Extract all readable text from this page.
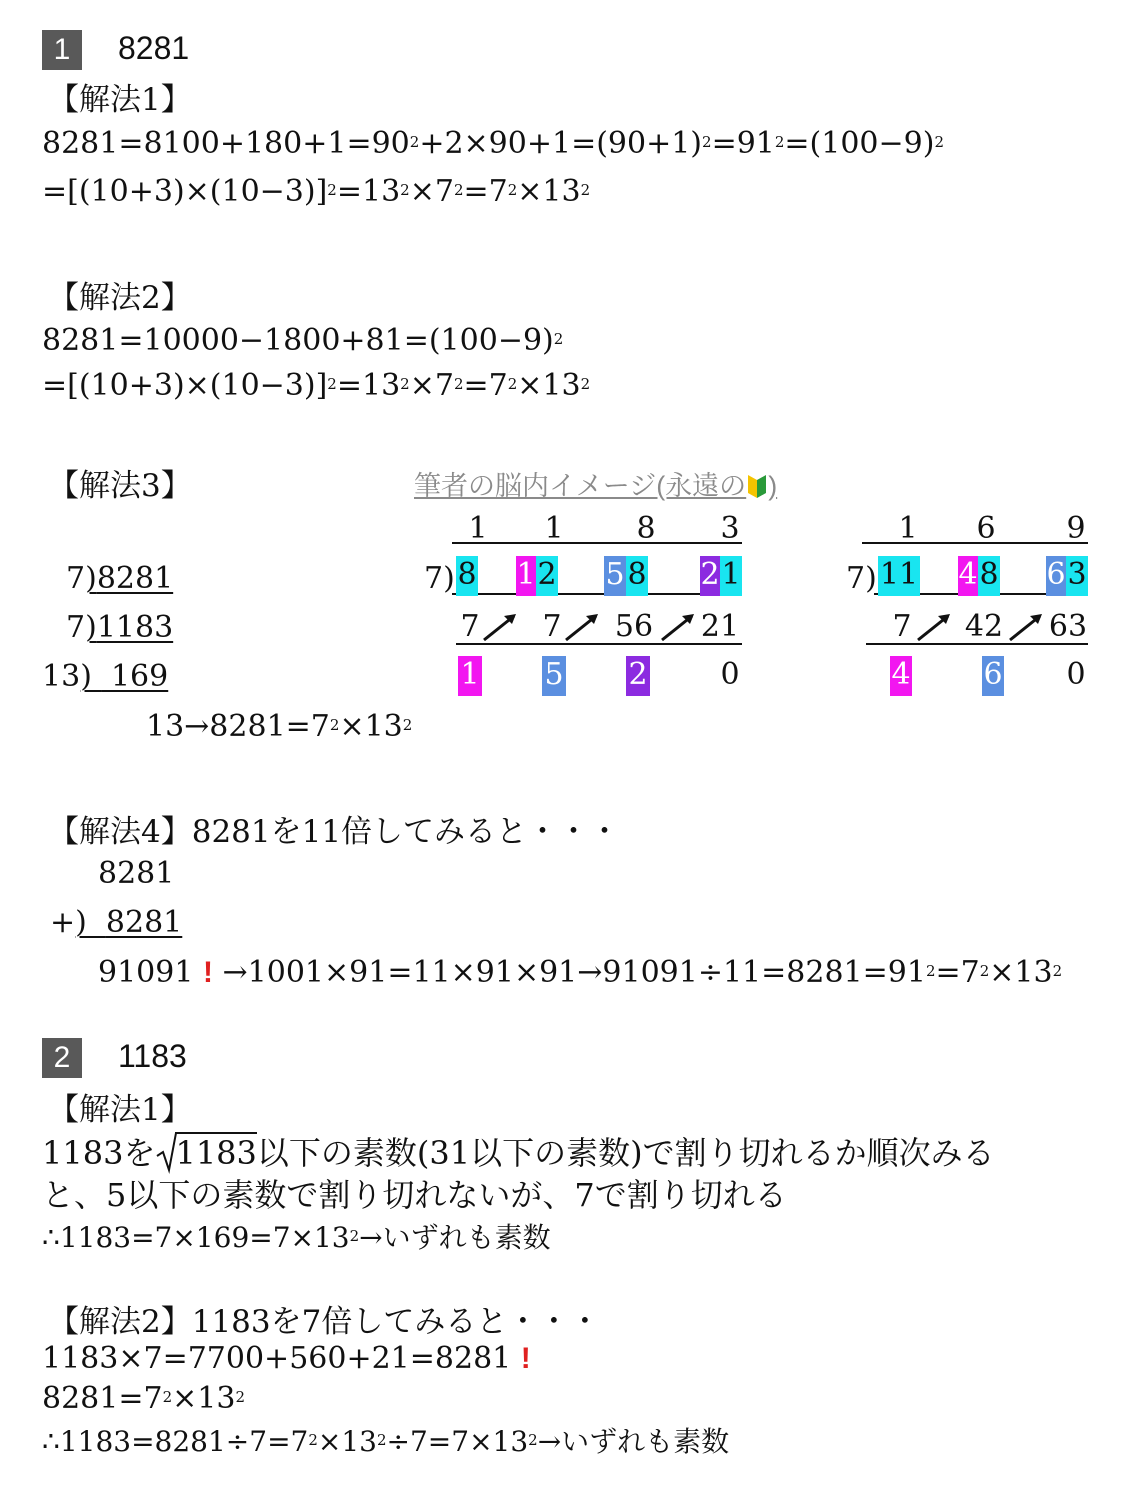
1 8281
【解法1】
$8281=8100+180+1=90^2+2\times 90+1=(90+1)^2=91^2=(100-9)^2$
$=[(10+3)\times(10-3)]^2=13^2\times 7^2=7^2\times 13^2$
【解法2】
$8281=10000-1800+81=(100-9)^2$
$=[(10+3)\times(10-3)]^2=13^2\times 7^2=7^2\times 13^2$
【解法3】	筆者の脳内イメージ(永遠の )
7)8281
7)1183
13)  169
$13\to 8281=7^2\times 13^2$
1 1 8 3
7) 8 1 2 5 8 2 1
7 7 56 21
1 5 2 0
1 6 9
7) 11 4 8 6 3
7 42 63
4 6 0
【解法4】8281を11倍してみると・・・
8281
+)  8281
91091 ! $\to 1001\times 91=11\times 91\times 91\to 91091\div 11=8281=91^2=7^2\times 13^2$
2 1183
【解法1】
1183を 1183以下の素数(31以下の素数)で割り切れるか順次みる
と、5以下の素数で割り切れないが、7で割り切れる
$\therefore 1183=7\times 169=7\times 13^2\to$いずれも素数
【解法2】1183を7倍してみると・・・
1183×7=7700+560+21=8281 !
$8281=7^2\times 13^2$
$\therefore 1183=8281\div 7=7^2\times 13^2\div 7=7\times 13^2\to$いずれも素数
